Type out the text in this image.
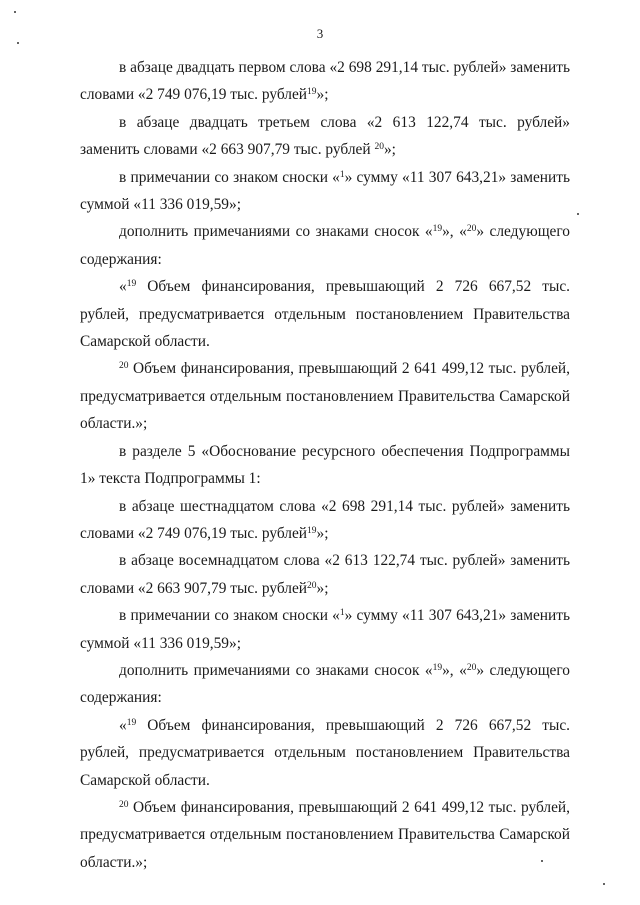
3

в абзаце двадцать первом слова «2 698 291,14 тыс. рублей» заменить словами «2 749 076,19 тыс. рублей$^{19}$»;

в абзаце двадцать третьем слова «2 613 122,74 тыс. рублей» заменить словами «2 663 907,79 тыс. рублей $^{20}$»;

в примечании со знаком сноски «$^1$» сумму «11 307 643,21» заменить суммой «11 336 019,59»;

дополнить примечаниями со знаками сносок «$^{19}$», «$^{20}$» следующего содержания:

«$^{19}$ Объем финансирования, превышающий 2 726 667,52 тыс. рублей, предусматривается отдельным постановлением Правительства Самарской области.

$^{20}$ Объем финансирования, превышающий 2 641 499,12 тыс. рублей, предусматривается отдельным постановлением Правительства Самарской области.»;

в разделе 5 «Обоснование ресурсного обеспечения Подпрограммы 1» текста Подпрограммы 1:

в абзаце шестнадцатом слова «2 698 291,14 тыс. рублей» заменить словами «2 749 076,19 тыс. рублей$^{19}$»;

в абзаце восемнадцатом слова «2 613 122,74 тыс. рублей» заменить словами «2 663 907,79 тыс. рублей$^{20}$»;

в примечании со знаком сноски «$^1$» сумму «11 307 643,21» заменить суммой «11 336 019,59»;

дополнить примечаниями со знаками сносок «$^{19}$», «$^{20}$» следующего содержания:

«$^{19}$ Объем финансирования, превышающий 2 726 667,52 тыс. рублей, предусматривается отдельным постановлением Правительства Самарской области.

$^{20}$ Объем финансирования, превышающий 2 641 499,12 тыс. рублей, предусматривается отдельным постановлением Правительства Самарской области.»;
